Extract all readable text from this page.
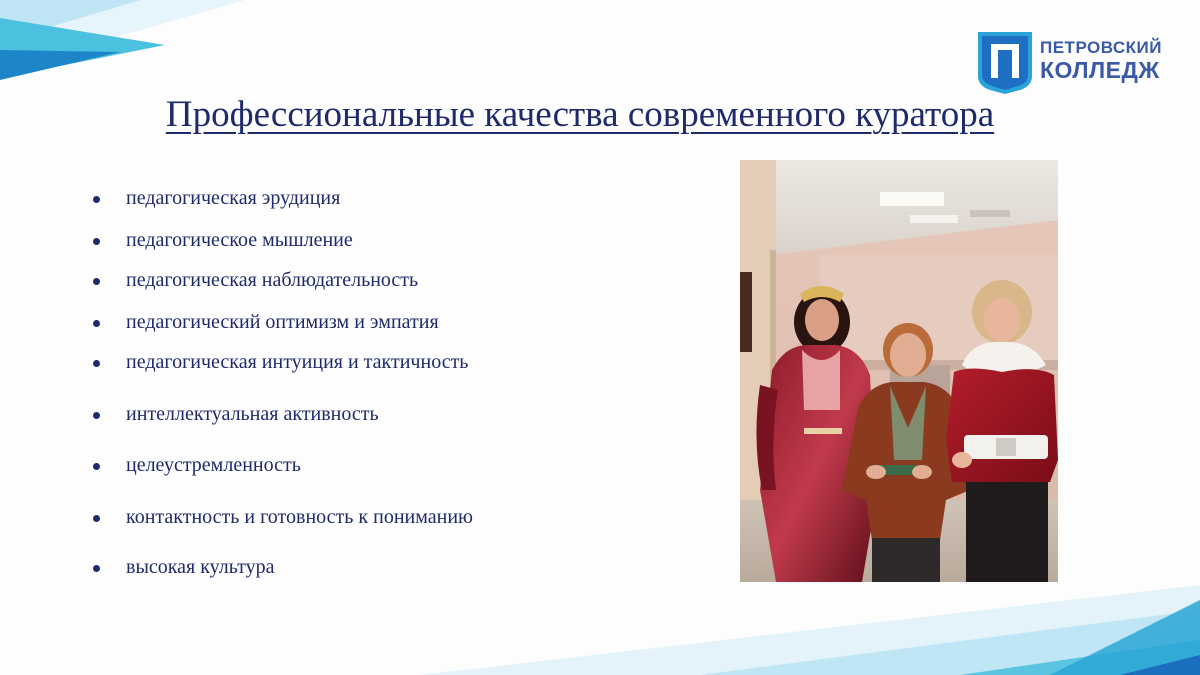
ПЕТРОВСКИЙ
КОЛЛЕДЖ
Профессиональные качества современного куратора
педагогическая эрудиция
педагогическое мышление
педагогическая наблюдательность
педагогический оптимизм и эмпатия
педагогическая интуиция и тактичность
интеллектуальная активность
целеустремленность
контактность и готовность к пониманию
высокая культура
